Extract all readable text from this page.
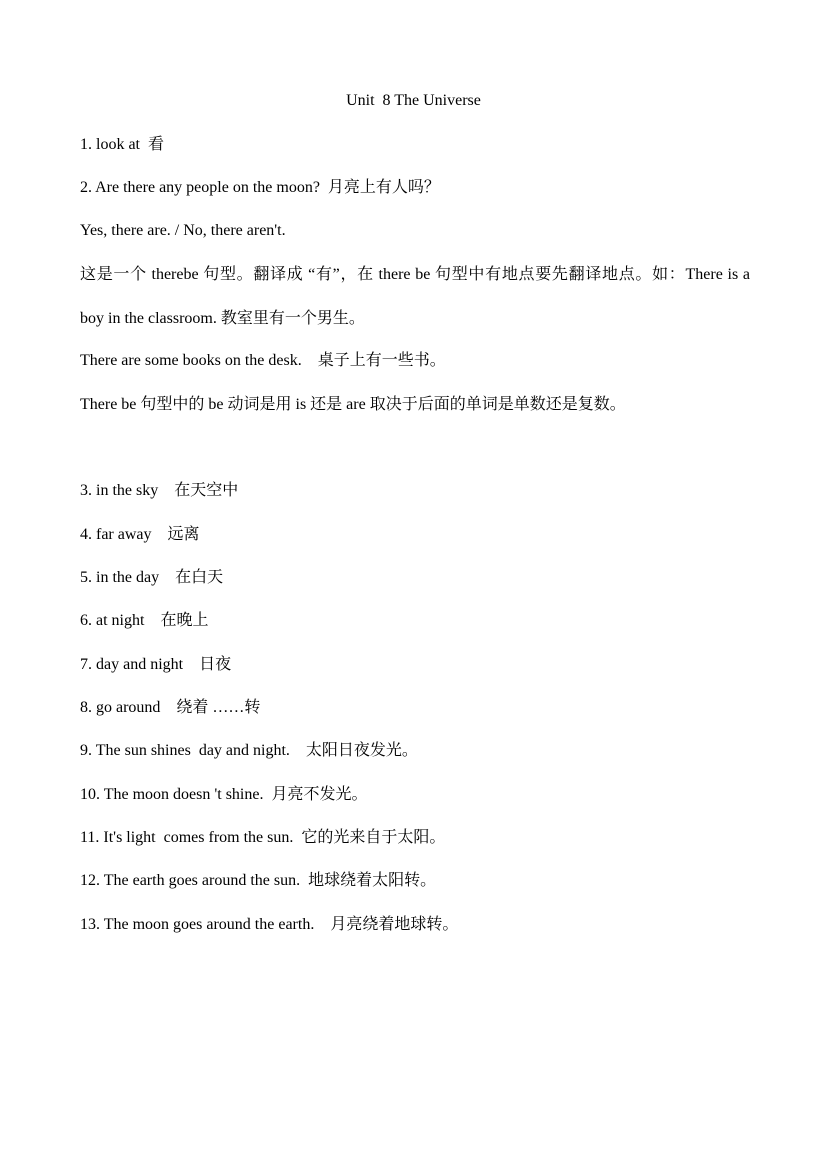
Unit  8 The Universe
1. look at  看
2. Are there any people on the moon?  月亮上有人吗？
Yes, there are. / No, there aren't.
这是一个 therebe 句型。翻译成 “有”，在 there be 句型中有地点要先翻译地点。如：There is a boy in the classroom. 教室里有一个男生。
There are some books on the desk.    桌子上有一些书。
There be 句型中的 be 动词是用 is 还是 are 取决于后面的单词是单数还是复数。
3. in the sky    在天空中
4. far away    远离
5. in the day    在白天
6. at night    在晚上
7. day and night    日夜
8. go around    绕着 ……转
9. The sun shines  day and night.    太阳日夜发光。
10. The moon doesn 't shine.  月亮不发光。
11. It's light  comes from the sun.  它的光来自于太阳。
12. The earth goes around the sun.  地球绕着太阳转。
13. The moon goes around the earth.    月亮绕着地球转。
